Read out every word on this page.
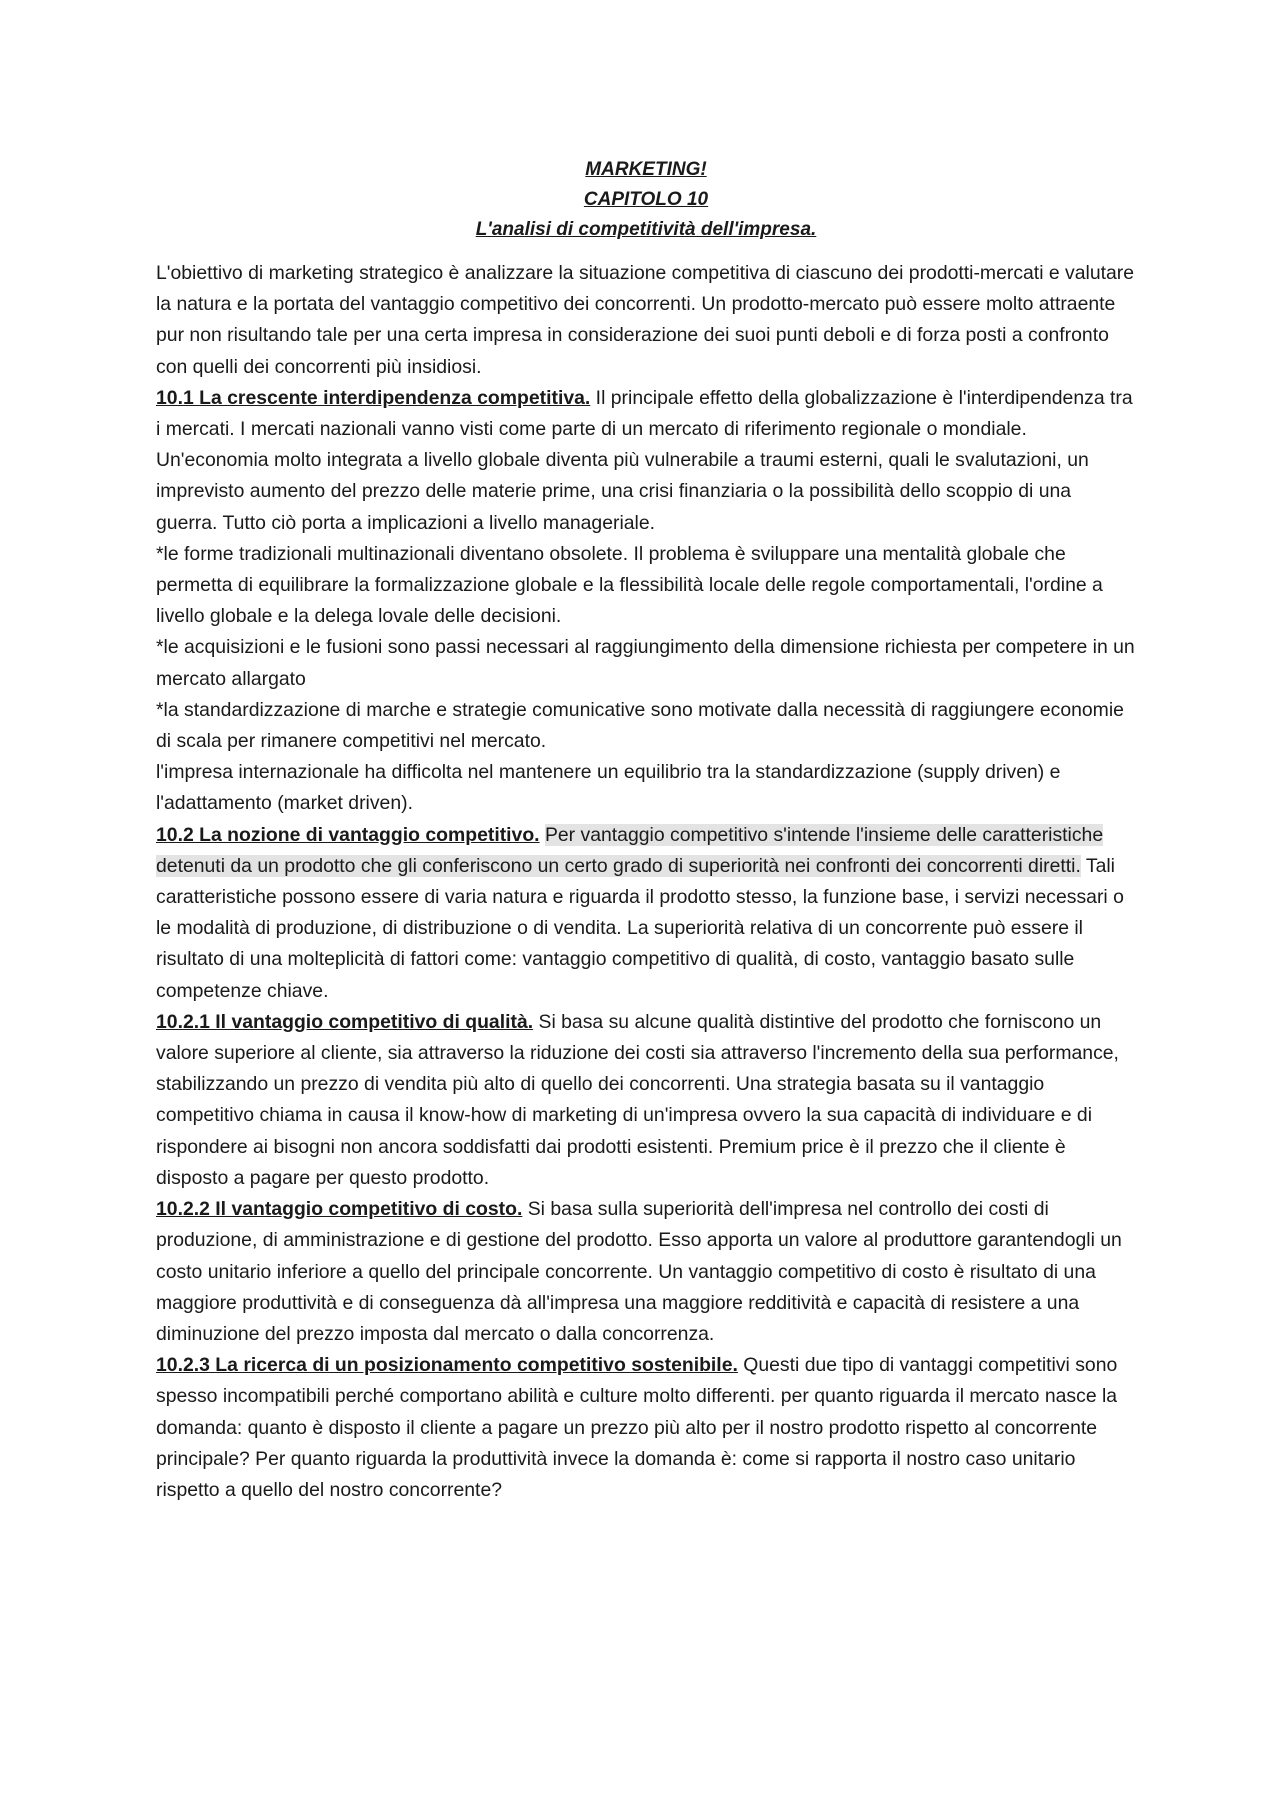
MARKETING!

CAPITOLO 10

L'analisi di competitività dell'impresa.

L'obiettivo di marketing strategico è analizzare la situazione competitiva di ciascuno dei prodotti-mercati e valutare la natura e la portata del vantaggio competitivo dei concorrenti. Un prodotto-mercato può essere molto attraente pur non risultando tale per una certa impresa in considerazione dei suoi punti deboli e di forza posti a confronto con quelli dei concorrenti più insidiosi.

10.1 La crescente interdipendenza competitiva. Il principale effetto della globalizzazione è l'interdipendenza tra i mercati. I mercati nazionali vanno visti come parte di un mercato di riferimento regionale o mondiale. Un'economia molto integrata a livello globale diventa più vulnerabile a traumi esterni, quali le svalutazioni, un imprevisto aumento del prezzo delle materie prime, una crisi finanziaria o la possibilità dello scoppio di una guerra. Tutto ciò porta a implicazioni a livello manageriale.

*le forme tradizionali multinazionali diventano obsolete. Il problema è sviluppare una mentalità globale che permetta di equilibrare la formalizzazione globale e la flessibilità locale delle regole comportamentali, l'ordine a livello globale e la delega lovale delle decisioni.

*le acquisizioni e le fusioni sono passi necessari al raggiungimento della dimensione richiesta per competere in un mercato allargato

*la standardizzazione di marche e strategie comunicative sono motivate dalla necessità di raggiungere economie di scala per rimanere competitivi nel mercato.

l'impresa internazionale ha difficolta nel mantenere un equilibrio tra la standardizzazione (supply driven) e l'adattamento (market driven).

10.2 La nozione di vantaggio competitivo. Per vantaggio competitivo s'intende l'insieme delle caratteristiche detenuti da un prodotto che gli conferiscono un certo grado di superiorità nei confronti dei concorrenti diretti. Tali caratteristiche possono essere di varia natura e riguarda il prodotto stesso, la funzione base, i servizi necessari o le modalità di produzione, di distribuzione o di vendita. La superiorità relativa di un concorrente può essere il risultato di una molteplicità di fattori come: vantaggio competitivo di qualità, di costo, vantaggio basato sulle competenze chiave.

10.2.1 Il vantaggio competitivo di qualità. Si basa su alcune qualità distintive del prodotto che forniscono un valore superiore al cliente, sia attraverso la riduzione dei costi sia attraverso l'incremento della sua performance, stabilizzando un prezzo di vendita più alto di quello dei concorrenti. Una strategia basata su il vantaggio competitivo chiama in causa il know-how di marketing di un'impresa ovvero la sua capacità di individuare e di rispondere ai bisogni non ancora soddisfatti dai prodotti esistenti. Premium price è il prezzo che il cliente è disposto a pagare per questo prodotto.

10.2.2 Il vantaggio competitivo di costo. Si basa sulla superiorità dell'impresa nel controllo dei costi di produzione, di amministrazione e di gestione del prodotto. Esso apporta un valore al produttore garantendogli un costo unitario inferiore a quello del principale concorrente. Un vantaggio competitivo di costo è risultato di una maggiore produttività e di conseguenza dà all'impresa una maggiore redditività e capacità di resistere a una diminuzione del prezzo imposta dal mercato o dalla concorrenza.

10.2.3 La ricerca di un posizionamento competitivo sostenibile. Questi due tipo di vantaggi competitivi sono spesso incompatibili perché comportano abilità e culture molto differenti. per quanto riguarda il mercato nasce la domanda: quanto è disposto il cliente a pagare un prezzo più alto per il nostro prodotto rispetto al concorrente principale? Per quanto riguarda la produttività invece la domanda è: come si rapporta il nostro caso unitario rispetto a quello del nostro concorrente?
